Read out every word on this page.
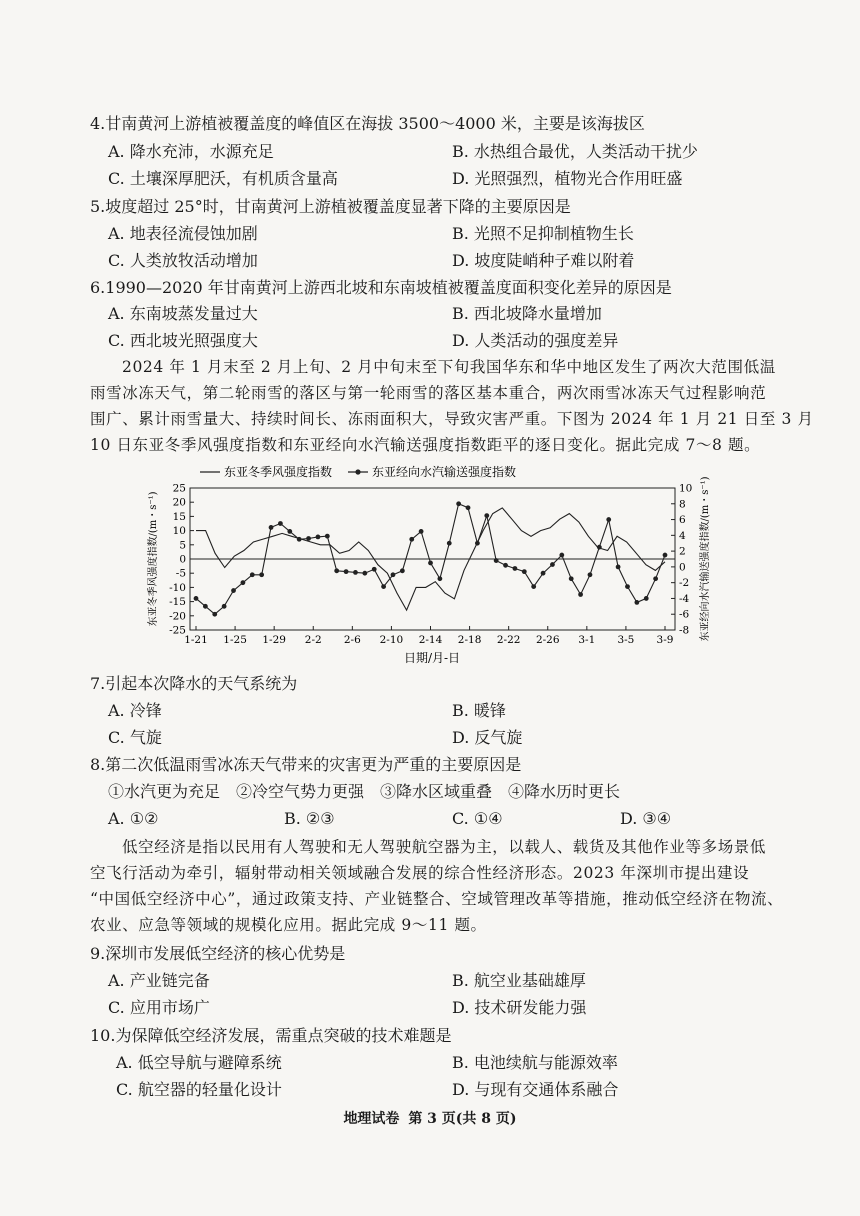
4.甘南黄河上游植被覆盖度的峰值区在海拔 3500～4000 米，主要是该海拔区
A. 降水充沛，水源充足	B. 水热组合最优，人类活动干扰少
C. 土壤深厚肥沃，有机质含量高	D. 光照强烈，植物光合作用旺盛
5.坡度超过 25°时，甘南黄河上游植被覆盖度显著下降的主要原因是
A. 地表径流侵蚀加剧	B. 光照不足抑制植物生长
C. 人类放牧活动增加	D. 坡度陡峭种子难以附着
6.1990—2020 年甘南黄河上游西北坡和东南坡植被覆盖度面积变化差异的原因是
A. 东南坡蒸发量过大	B. 西北坡降水量增加
C. 西北坡光照强度大	D. 人类活动的强度差异
2024 年 1 月末至 2 月上旬、2 月中旬末至下旬我国华东和华中地区发生了两次大范围低温
雨雪冰冻天气，第二轮雨雪的落区与第一轮雨雪的落区基本重合，两次雨雪冰冻天气过程影响范
围广、累计雨雪量大、持续时间长、冻雨面积大，导致灾害严重。下图为 2024 年 1 月 21 日至 3 月
10 日东亚冬季风强度指数和东亚经向水汽输送强度指数距平的逐日变化。据此完成 7～8 题。
东亚冬季风强度指数	东亚经向水汽输送强度指数
25
20
15
10
5
0
-5
-10
-15
-20
-25
10
8
6
4
2
0
-2
-4
-6
-8
1-21 1-25 1-29 2-2 2-6 2-10 2-14 2-18 2-22 2-26 3-1 3-5 3-9
日期/月-日
东亚冬季风强度指数/(m・s⁻¹)	东亚经向水汽输送强度指数/(m・s⁻¹)
7.引起本次降水的天气系统为
A. 冷锋	B. 暖锋
C. 气旋	D. 反气旋
8.第二次低温雨雪冰冻天气带来的灾害更为严重的主要原因是
①水汽更为充足　②冷空气势力更强　③降水区域重叠　④降水历时更长
A. ①②	B. ②③	C. ①④	D. ③④
低空经济是指以民用有人驾驶和无人驾驶航空器为主，以载人、载货及其他作业等多场景低
空飞行活动为牵引，辐射带动相关领域融合发展的综合性经济形态。2023 年深圳市提出建设
“中国低空经济中心”，通过政策支持、产业链整合、空域管理改革等措施，推动低空经济在物流、
农业、应急等领域的规模化应用。据此完成 9～11 题。
9.深圳市发展低空经济的核心优势是
A. 产业链完备	B. 航空业基础雄厚
C. 应用市场广	D. 技术研发能力强
10.为保障低空经济发展，需重点突破的技术难题是
A. 低空导航与避障系统	B. 电池续航与能源效率
C. 航空器的轻量化设计	D. 与现有交通体系融合
地理试卷 第 3 页(共 8 页)
